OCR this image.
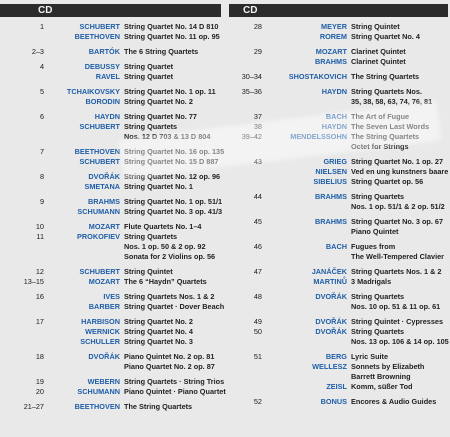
CD	CD
1	SCHUBERT String Quartet No. 14 D 810
BEETHOVEN String Quartet No. 11 op. 95
2–3	BARTÓK The 6 String Quartets
4	DEBUSSY String Quartet
RAVEL String Quartet
5	TCHAIKOVSKY String Quartet No. 1 op. 11
BORODIN String Quartet No. 2
6	HAYDN String Quartet No. 77
SCHUBERT String Quartets
Nos. 12 D 703 & 13 D 804
7	BEETHOVEN String Quartet No. 16 op. 135
SCHUBERT String Quartet No. 15 D 887
8	DVOŘÁK String Quartet No. 12 op. 96
SMETANA String Quartet No. 1
9	BRAHMS String Quartet No. 1 op. 51/1
SCHUMANN String Quartet No. 3 op. 41/3
10	MOZART Flute Quartets No. 1–4
11	PROKOFIEV String Quartets
Nos. 1 op. 50 & 2 op. 92
Sonata for 2 Violins op. 56
12	SCHUBERT String Quintet
13–15	MOZART The 6 “Haydn” Quartets
16	IVES String Quartets Nos. 1 & 2
BARBER String Quartet · Dover Beach
17	HARBISON String Quartet No. 2
WERNICK String Quartet No. 4
SCHULLER String Quartet No. 3
18	DVOŘÁK Piano Quintet No. 2 op. 81
Piano Quartet No. 2 op. 87
19	WEBERN String Quartets · String Trios
20	SCHUMANN Piano Quintet · Piano Quartet
21–27	BEETHOVEN The String Quartets
28	MEYER String Quintet
ROREM String Quartet No. 4
29	MOZART Clarinet Quintet
BRAHMS Clarinet Quintet
30–34	SHOSTAKOVICH The String Quartets
35–36	HAYDN String Quartets Nos.
35, 38, 58, 63, 74, 76, 81
37	BACH The Art of Fugue
38	HAYDN The Seven Last Words
39–42	MENDELSSOHN The String Quartets
Octet for Strings
43	GRIEG String Quartet No. 1 op. 27
NIELSEN Ved en ung kunstners baare
SIBELIUS String Quartet op. 56
44	BRAHMS String Quartets
Nos. 1 op. 51/1 & 2 op. 51/2
45	BRAHMS String Quartet No. 3 op. 67
Piano Quintet
46	BACH Fugues from
The Well-Tempered Clavier
47	JANÁČEK String Quartets Nos. 1 & 2
MARTINŮ 3 Madrigals
48	DVOŘÁK String Quartets
Nos. 10 op. 51 & 11 op. 61
49	DVOŘÁK String Quintet · Cypresses
50	DVOŘÁK String Quartets
Nos. 13 op. 106 & 14 op. 105
51	BERG Lyric Suite
WELLESZ Sonnets by Elizabeth
Barrett Browning
ZEISL Komm, süßer Tod
52	BONUS Encores & Audio Guides
